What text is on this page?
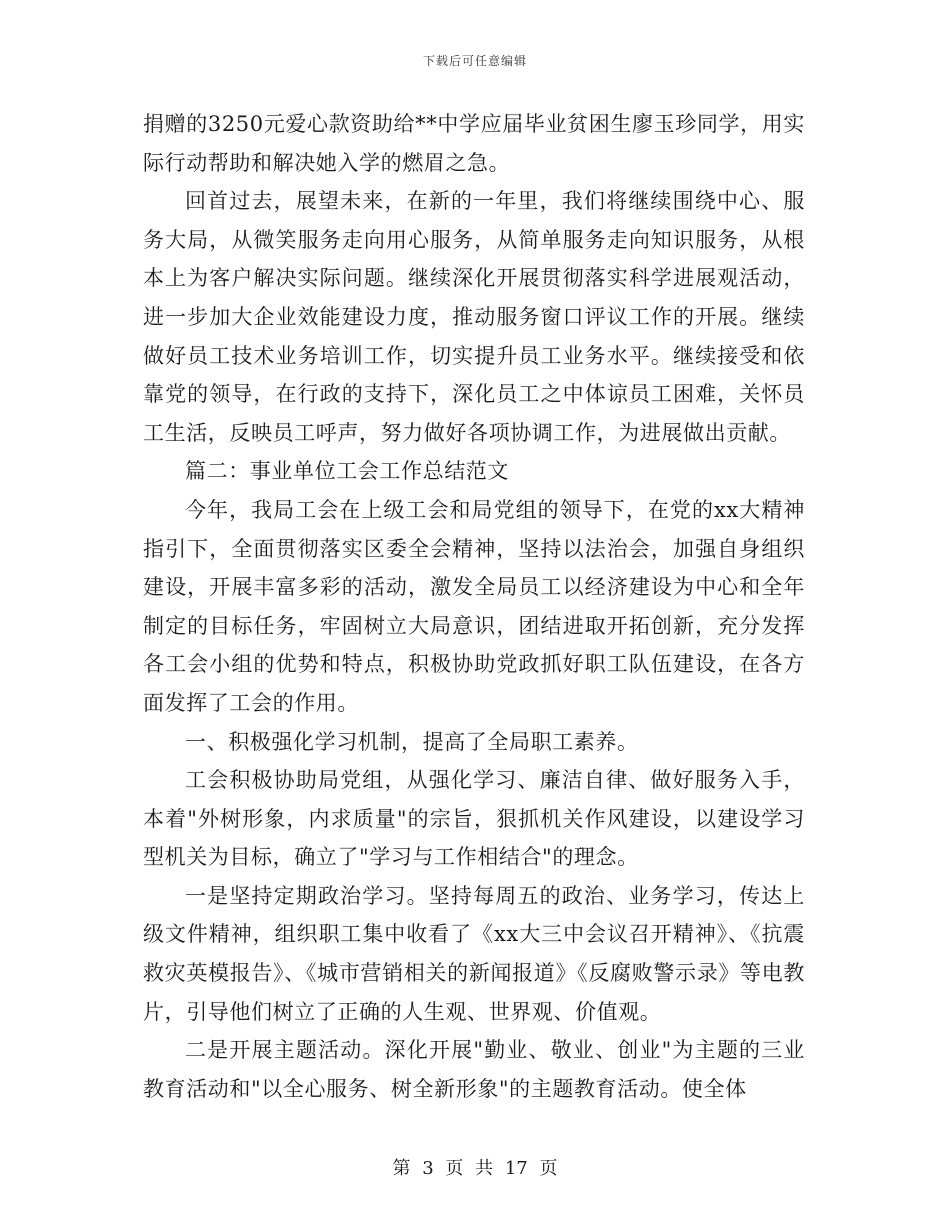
下载后可任意编辑

捐赠的3250元爱心款资助给**中学应届毕业贫困生廖玉珍同学，用实际行动帮助和解决她入学的燃眉之急。

回首过去，展望未来，在新的一年里，我们将继续围绕中心、服务大局，从微笑服务走向用心服务，从简单服务走向知识服务，从根本上为客户解决实际问题。继续深化开展贯彻落实科学进展观活动，进一步加大企业效能建设力度，推动服务窗口评议工作的开展。继续做好员工技术业务培训工作，切实提升员工业务水平。继续接受和依靠党的领导，在行政的支持下，深化员工之中体谅员工困难，关怀员工生活，反映员工呼声，努力做好各项协调工作，为进展做出贡献。

篇二：事业单位工会工作总结范文

今年，我局工会在上级工会和局党组的领导下，在党的xx大精神指引下，全面贯彻落实区委全会精神，坚持以法治会，加强自身组织建设，开展丰富多彩的活动，激发全局员工以经济建设为中心和全年制定的目标任务，牢固树立大局意识，团结进取开拓创新，充分发挥各工会小组的优势和特点，积极协助党政抓好职工队伍建设，在各方面发挥了工会的作用。

一、积极强化学习机制，提高了全局职工素养。

工会积极协助局党组，从强化学习、廉洁自律、做好服务入手，本着"外树形象，内求质量"的宗旨，狠抓机关作风建设，以建设学习型机关为目标，确立了"学习与工作相结合"的理念。

一是坚持定期政治学习。坚持每周五的政治、业务学习，传达上级文件精神，组织职工集中收看了《xx大三中会议召开精神》、《抗震救灾英模报告》、《城市营销相关的新闻报道》《反腐败警示录》等电教片，引导他们树立了正确的人生观、世界观、价值观。

二是开展主题活动。深化开展"勤业、敬业、创业"为主题的三业教育活动和"以全心服务、树全新形象"的主题教育活动。使全体

第 3 页 共 17 页
